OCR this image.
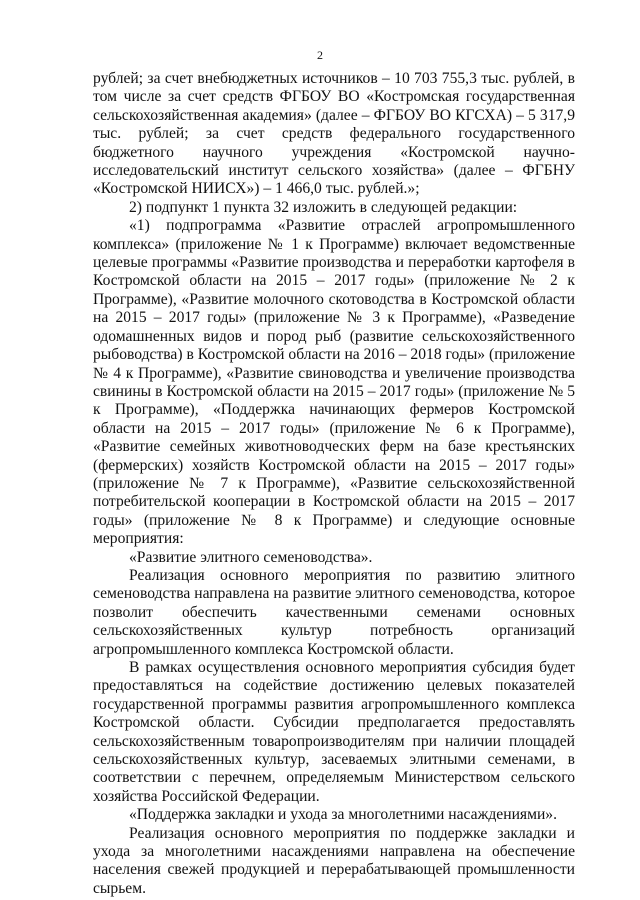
2

рублей; за счет внебюджетных источников – 10 703 755,3 тыс. рублей, в том числе за счет средств ФГБОУ ВО «Костромская государственная сельскохозяйственная академия» (далее – ФГБОУ ВО КГСХА) – 5 317,9 тыс. рублей; за счет средств федерального государственного бюджетного научного учреждения «Костромской научно-исследовательский институт сельского хозяйства» (далее – ФГБНУ «Костромской НИИСХ») – 1 466,0 тыс. рублей.»;

2) подпункт 1 пункта 32 изложить в следующей редакции:

«1) подпрограмма «Развитие отраслей агропромышленного комплекса» (приложение № 1 к Программе) включает ведомственные целевые программы «Развитие производства и переработки картофеля в Костромской области на 2015 – 2017 годы» (приложение № 2 к Программе), «Развитие молочного скотоводства в Костромской области на 2015 – 2017 годы» (приложение № 3 к Программе), «Разведение одомашненных видов и пород рыб (развитие сельскохозяйственного рыбоводства) в Костромской области на 2016 – 2018 годы» (приложение № 4 к Программе), «Развитие свиноводства и увеличение производства свинины в Костромской области на 2015 – 2017 годы» (приложение № 5 к Программе), «Поддержка начинающих фермеров Костромской области на 2015 – 2017 годы» (приложение № 6 к Программе), «Развитие семейных животноводческих ферм на базе крестьянских (фермерских) хозяйств Костромской области на 2015 – 2017 годы» (приложение № 7 к Программе), «Развитие сельскохозяйственной потребительской кооперации в Костромской области на 2015 – 2017 годы» (приложение № 8 к Программе) и следующие основные мероприятия:

«Развитие элитного семеноводства».

Реализация основного мероприятия по развитию элитного семеноводства направлена на развитие элитного семеноводства, которое позволит обеспечить качественными семенами основных сельскохозяйственных культур потребность организаций агропромышленного комплекса Костромской области.

В рамках осуществления основного мероприятия субсидия будет предоставляться на содействие достижению целевых показателей государственной программы развития агропромышленного комплекса Костромской области. Субсидии предполагается предоставлять сельскохозяйственным товаропроизводителям при наличии площадей сельскохозяйственных культур, засеваемых элитными семенами, в соответствии с перечнем, определяемым Министерством сельского хозяйства Российской Федерации.

«Поддержка закладки и ухода за многолетними насаждениями».

Реализация основного мероприятия по поддержке закладки и ухода за многолетними насаждениями направлена на обеспечение населения свежей продукцией и перерабатывающей промышленности сырьем.
